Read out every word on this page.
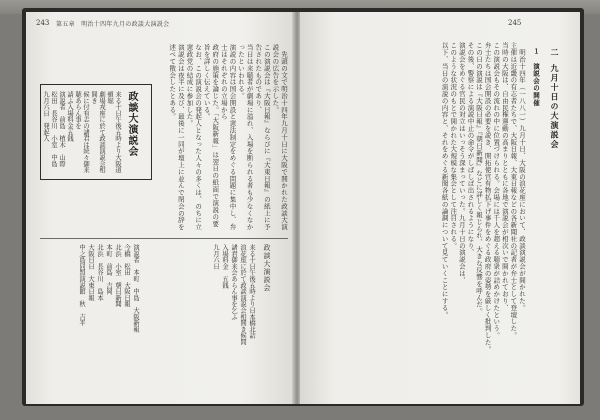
243 第五章　明治十四年九月の政談大演説会
政談大演説会

来る十日午後五時より大阪道頓堀

劇場戎座に於て政談演説会相開き

候に付有志の諸君は続々御来聴あらん事を

請ふ入場料金五銭

演説者　前島　植木　山際

松田　長谷川　小室　中島

九月六日　発起人	　先頭の文で明治十四年九月十日に大阪で開かれた政談大演説会の広告を示した。

この演説会は『大阪日報』ならびに『大東日報』の紙上に予告されたものであり、

当日は来聴者が劇場に溢れ、入場を断られる者も少なくなかったといわれる。

演説の内容は国会開設と憲法制定をめぐる問題に集中し、弁士はそれぞれの立場から

政府の施策を論じた。「大阪新報」は翌日の紙面で演説の要旨を詳しく伝えている。

なお、この演説会の発起人となった人々の多くは、のちに立憲政党の結成に参加した。

演説会は夜半に及び、最後に一同が壇上に並んで閉会の辞を述べて散会したとある。

政談大演説会

来る十日午後五時より日本橋北詰

浪花座に於て政談演説会相開き候間

諸君御来会あらん事を乞ふ

入場料金　五銭

九月六日

演説者　本町　中島　大阪新報

今橋　松田　大阪日報

北浜　小室　朝日新聞

本町　前島　吉岡

北浜　長谷川　島本

大阪日日　大東日報

中之島同盟演説館　秋　吉平

245
二
九月十日の大演説会
１　演説会の開催

　明治十四年（一八八一）九月十日、大阪の浪花座において、政談演説会が開かれた。

主催は近畿の有志者たちで、大阪日報、大東日報などの各新聞社の記者が弁士として登壇した。

当時の大阪は、自由民権運動の高まりとともに各地で演説会が相次いで開かれており、

この演説会もその流れの中に位置づけられる。会場には千人を超える聴衆が詰めかけたという。

弁士たちは国会開設の必要を説き、開拓使官有物払下げ事件をめぐる政府の姿勢を厳しく批判した。

この日の演説は『大阪日報』『朝日新聞』などに詳しく報じられ、大きな反響を呼んだ。

その後、警察による演説中止の命令がしばしば出されるようになり、

演説会をめぐる官民の対立はいっそう深まっていった。九月十日の演説会は、

このような状況のもとで開かれた大規模な集会として注目される。

以下、当日の演説の内容と、それをめぐる新聞各紙の論調について見ていくことにする。
